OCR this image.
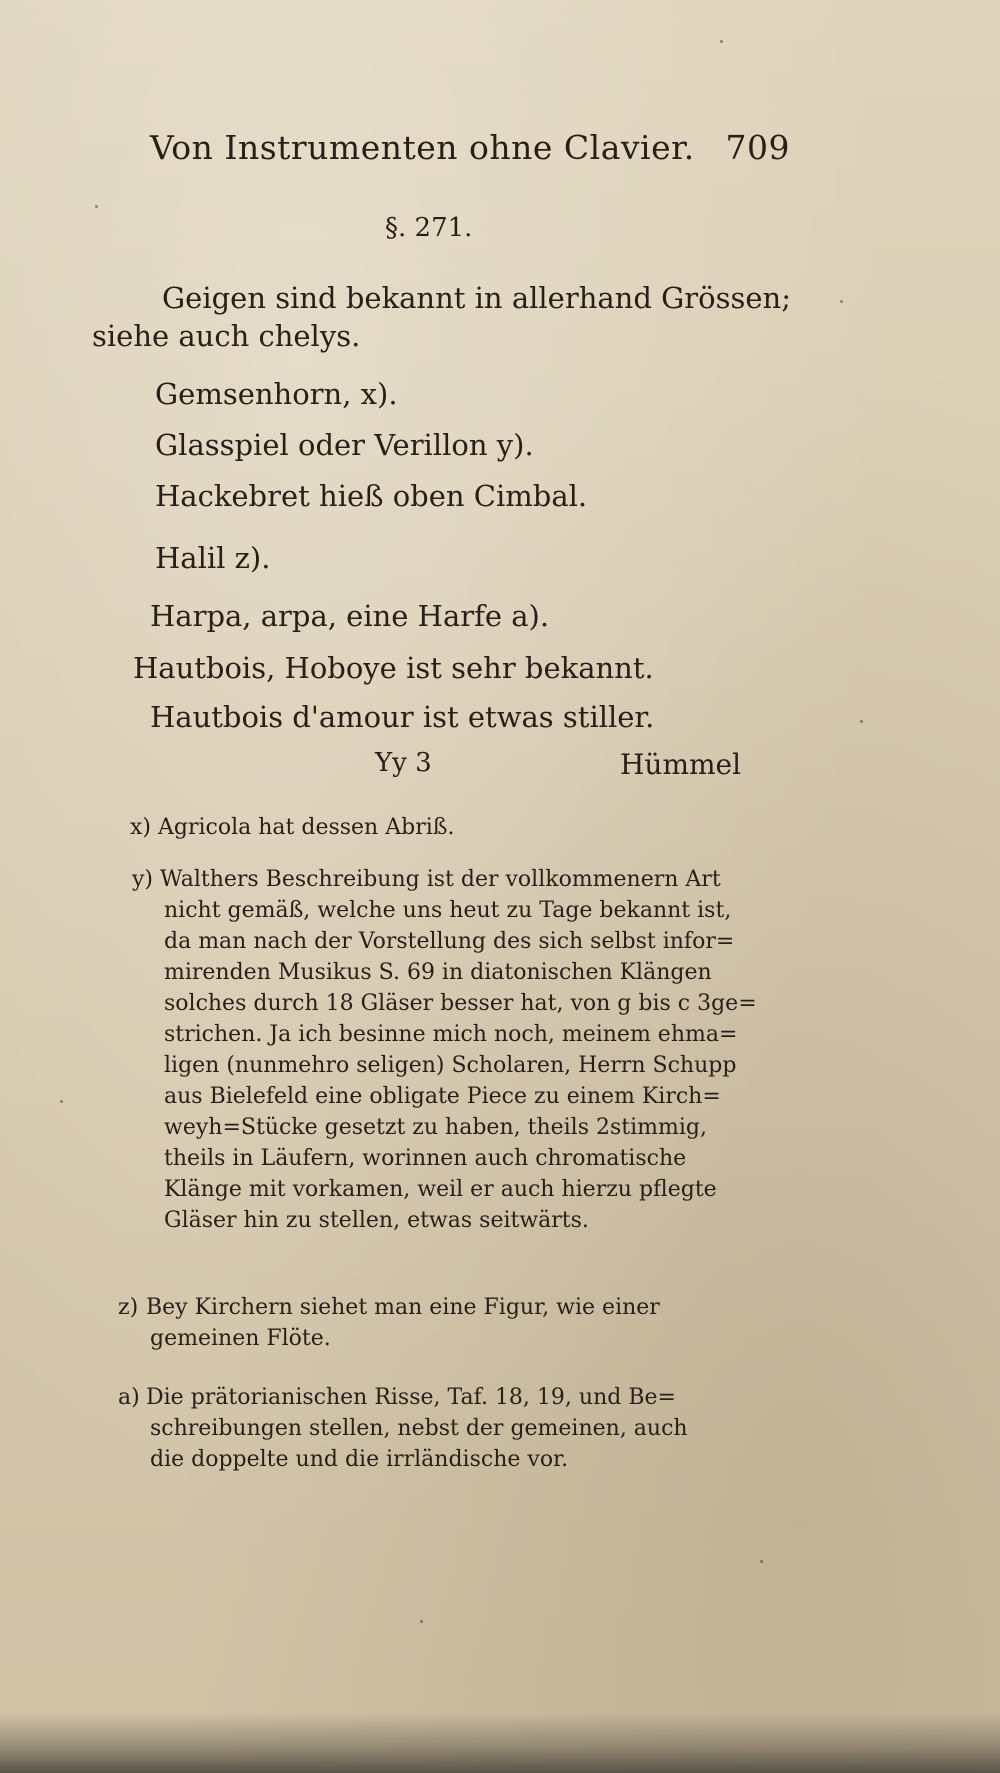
Von Instrumenten ohne Clavier. 709
§. 271.
Geigen sind bekannt in allerhand Grössen;
siehe auch chelys.
Gemsenhorn, x).
Glasspiel oder Verillon y).
Hackebret hieß oben Cimbal.
Halil z).
Harpa, arpa, eine Harfe a).
Hautbois, Hoboye ist sehr bekannt.
Hautbois d'amour ist etwas stiller.
Yy 3	Hümmel
x) Agricola hat dessen Abriß.
y) Walthers Beschreibung ist der vollkommenern Art
nicht gemäß, welche uns heut zu Tage bekannt ist,
da man nach der Vorstellung des sich selbst infor=
mirenden Musikus S. 69 in diatonischen Klängen
solches durch 18 Gläser besser hat, von g bis c 3ge=
strichen. Ja ich besinne mich noch, meinem ehma=
ligen (nunmehro seligen) Scholaren, Herrn Schupp
aus Bielefeld eine obligate Piece zu einem Kirch=
weyh=Stücke gesetzt zu haben, theils 2stimmig,
theils in Läufern, worinnen auch chromatische
Klänge mit vorkamen, weil er auch hierzu pflegte
Gläser hin zu stellen, etwas seitwärts.
z) Bey Kirchern siehet man eine Figur, wie einer
gemeinen Flöte.
a) Die prätorianischen Risse, Taf. 18, 19, und Be=
schreibungen stellen, nebst der gemeinen, auch
die doppelte und die irrländische vor.
